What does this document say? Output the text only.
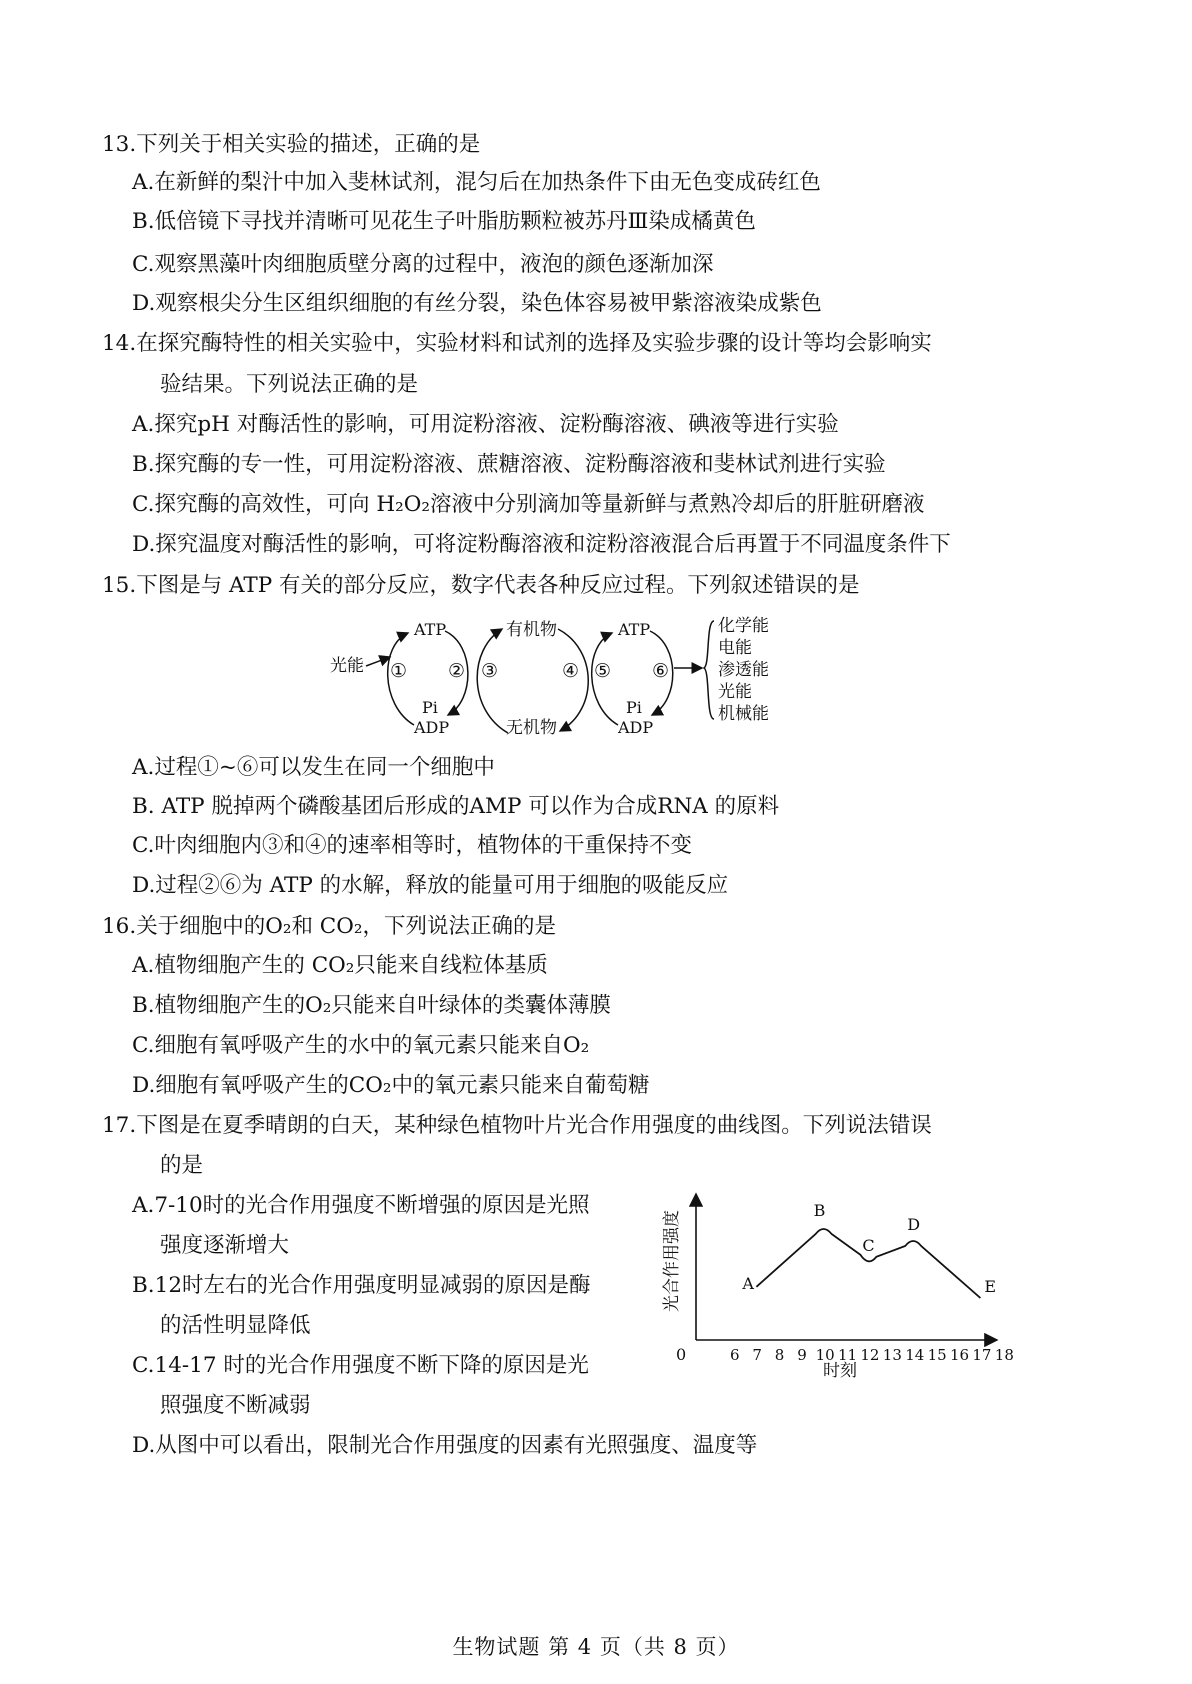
13.下列关于相关实验的描述，正确的是
A.在新鲜的梨汁中加入斐林试剂，混匀后在加热条件下由无色变成砖红色
B.低倍镜下寻找并清晰可见花生子叶脂肪颗粒被苏丹Ⅲ染成橘黄色
C.观察黑藻叶肉细胞质壁分离的过程中，液泡的颜色逐渐加深
D.观察根尖分生区组织细胞的有丝分裂，染色体容易被甲紫溶液染成紫色
14.在探究酶特性的相关实验中，实验材料和试剂的选择及实验步骤的设计等均会影响实
验结果。下列说法正确的是
A.探究pH 对酶活性的影响，可用淀粉溶液、淀粉酶溶液、碘液等进行实验
B.探究酶的专一性，可用淀粉溶液、蔗糖溶液、淀粉酶溶液和斐林试剂进行实验
C.探究酶的高效性，可向 H₂O₂溶液中分别滴加等量新鲜与煮熟冷却后的肝脏研磨液
D.探究温度对酶活性的影响，可将淀粉酶溶液和淀粉溶液混合后再置于不同温度条件下
15.下图是与 ATP 有关的部分反应，数字代表各种反应过程。下列叙述错误的是
光能
ATP
Pi
ADP
① ②
有机物
无机物
③	④
ATP
Pi
ADP
⑤ ⑥
化学能
电能
渗透能
光能
机械能
A.过程①~⑥可以发生在同一个细胞中
B. ATP 脱掉两个磷酸基团后形成的AMP 可以作为合成RNA 的原料
C.叶肉细胞内③和④的速率相等时，植物体的干重保持不变
D.过程②⑥为 ATP 的水解，释放的能量可用于细胞的吸能反应
16.关于细胞中的O₂和 CO₂，下列说法正确的是
A.植物细胞产生的 CO₂只能来自线粒体基质
B.植物细胞产生的O₂只能来自叶绿体的类囊体薄膜
C.细胞有氧呼吸产生的水中的氧元素只能来自O₂
D.细胞有氧呼吸产生的CO₂中的氧元素只能来自葡萄糖
17.下图是在夏季晴朗的白天，某种绿色植物叶片光合作用强度的曲线图。下列说法错误
的是
A.7-10时的光合作用强度不断增强的原因是光照
强度逐渐增大
B.12时左右的光合作用强度明显减弱的原因是酶
的活性明显降低
C.14-17 时的光合作用强度不断下降的原因是光
照强度不断减弱
D.从图中可以看出，限制光合作用强度的因素有光照强度、温度等
光合作用强度
时刻
0	6 7 8 9 10 11 12 13 14 15 16 17 18
A
B
C
D
E
生物试题 第 4 页（共 8 页）
